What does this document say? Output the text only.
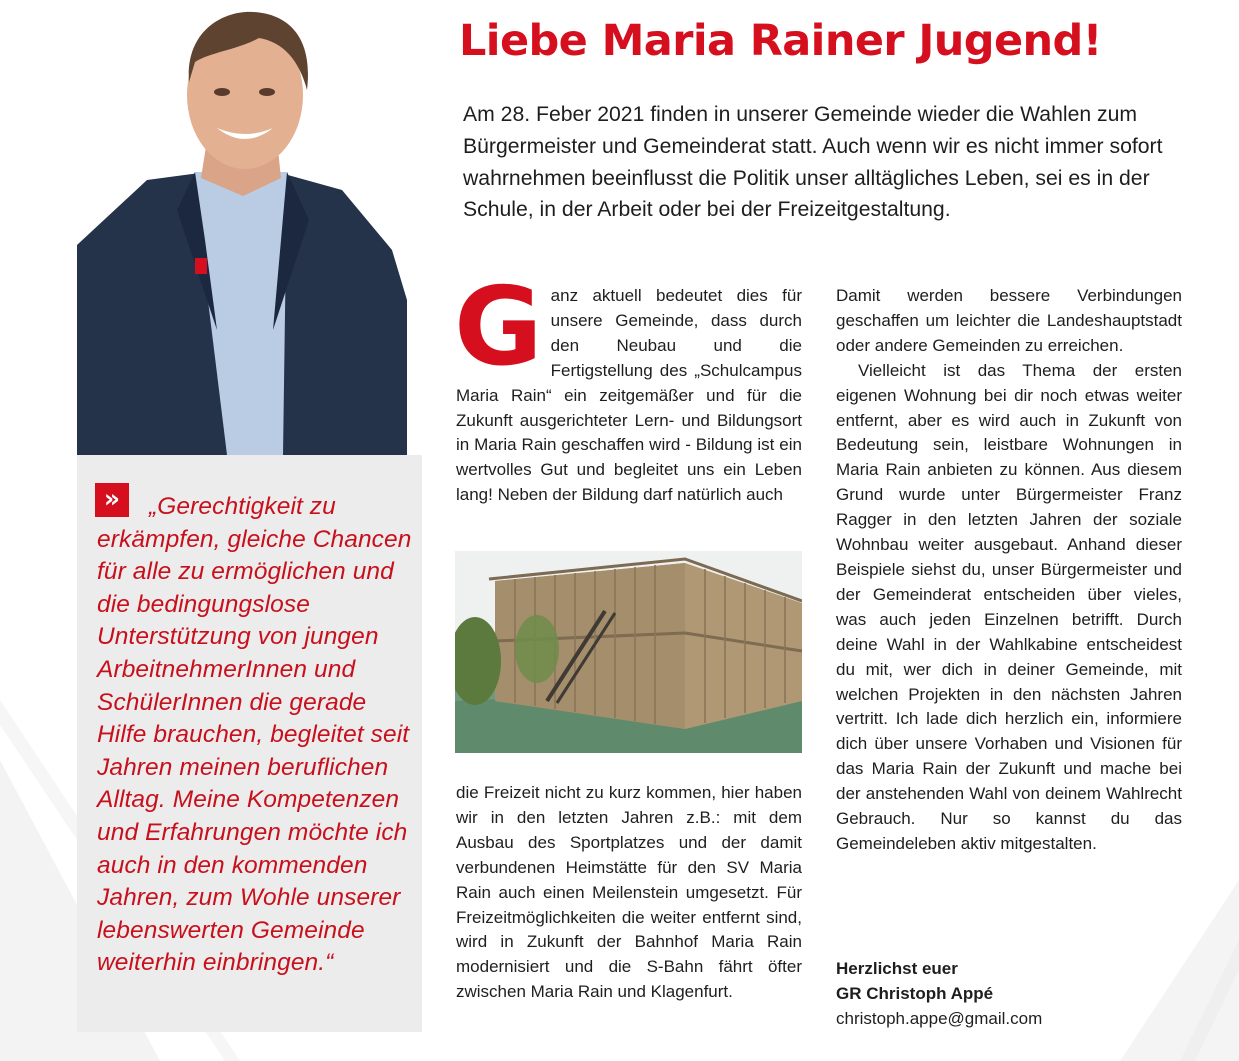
»	„Gerechtigkeit zu erkämpfen, gleiche Chancen für alle zu ermöglichen und die bedingungslose Unterstützung von jungen ArbeitnehmerInnen und SchülerInnen die gerade Hilfe brauchen, begleitet seit Jahren meinen beruflichen Alltag. Meine Kompetenzen und Erfahrungen möchte ich auch in den kommenden Jahren, zum Wohle unserer lebenswerten Gemeinde weiterhin einbringen.“

Liebe Maria Rainer Jugend!

Am 28. Feber 2021 finden in unserer Gemeinde wieder die Wahlen zum Bürgermeister und Gemeinderat statt. Auch wenn wir es nicht immer sofort wahrnehmen beeinflusst die Politik unser alltägliches Leben, sei es in der Schule, in der Arbeit oder bei der Freizeitgestaltung.

G anz aktuell bedeutet dies für unsere Gemeinde, dass durch den Neubau und die Fertigstellung des „Schulcampus Maria Rain“ ein zeitgemäßer und für die Zukunft ausgerichteter Lern- und Bildungsort in Maria Rain geschaffen wird - Bildung ist ein wertvolles Gut und begleitet uns ein Leben lang! Neben der Bildung darf natürlich auch
die Freizeit nicht zu kurz kommen, hier haben wir in den letzten Jahren z.B.: mit dem Ausbau des Sportplatzes und der damit verbundenen Heimstätte für den SV Maria Rain auch einen Meilenstein umgesetzt. Für Freizeitmöglichkeiten die weiter entfernt sind, wird in Zukunft der Bahnhof Maria Rain modernisiert und die S-Bahn fährt öfter zwischen Maria Rain und Klagenfurt.

Damit werden bessere Verbindungen geschaffen um leichter die Landeshauptstadt oder andere Gemeinden zu erreichen.

Vielleicht ist das Thema der ersten eigenen Wohnung bei dir noch etwas weiter entfernt, aber es wird auch in Zukunft von Bedeutung sein, leistbare Wohnungen in Maria Rain anbieten zu können. Aus diesem Grund wurde unter Bürgermeister Franz Ragger in den letzten Jahren der soziale Wohnbau weiter ausgebaut. Anhand dieser Beispiele siehst du, unser Bürgermeister und der Gemeinderat entscheiden über vieles, was auch jeden Einzelnen betrifft. Durch deine Wahl in der Wahlkabine entscheidest du mit, wer dich in deiner Gemeinde, mit welchen Projekten in den nächsten Jahren vertritt. Ich lade dich herzlich ein, informiere dich über unsere Vorhaben und Visionen für das Maria Rain der Zukunft und mache bei der anstehenden Wahl von deinem Wahlrecht Gebrauch. Nur so kannst du das Gemeindeleben aktiv mitgestalten.

Herzlichst euer
GR Christoph Appé
christoph.appe@gmail.com
